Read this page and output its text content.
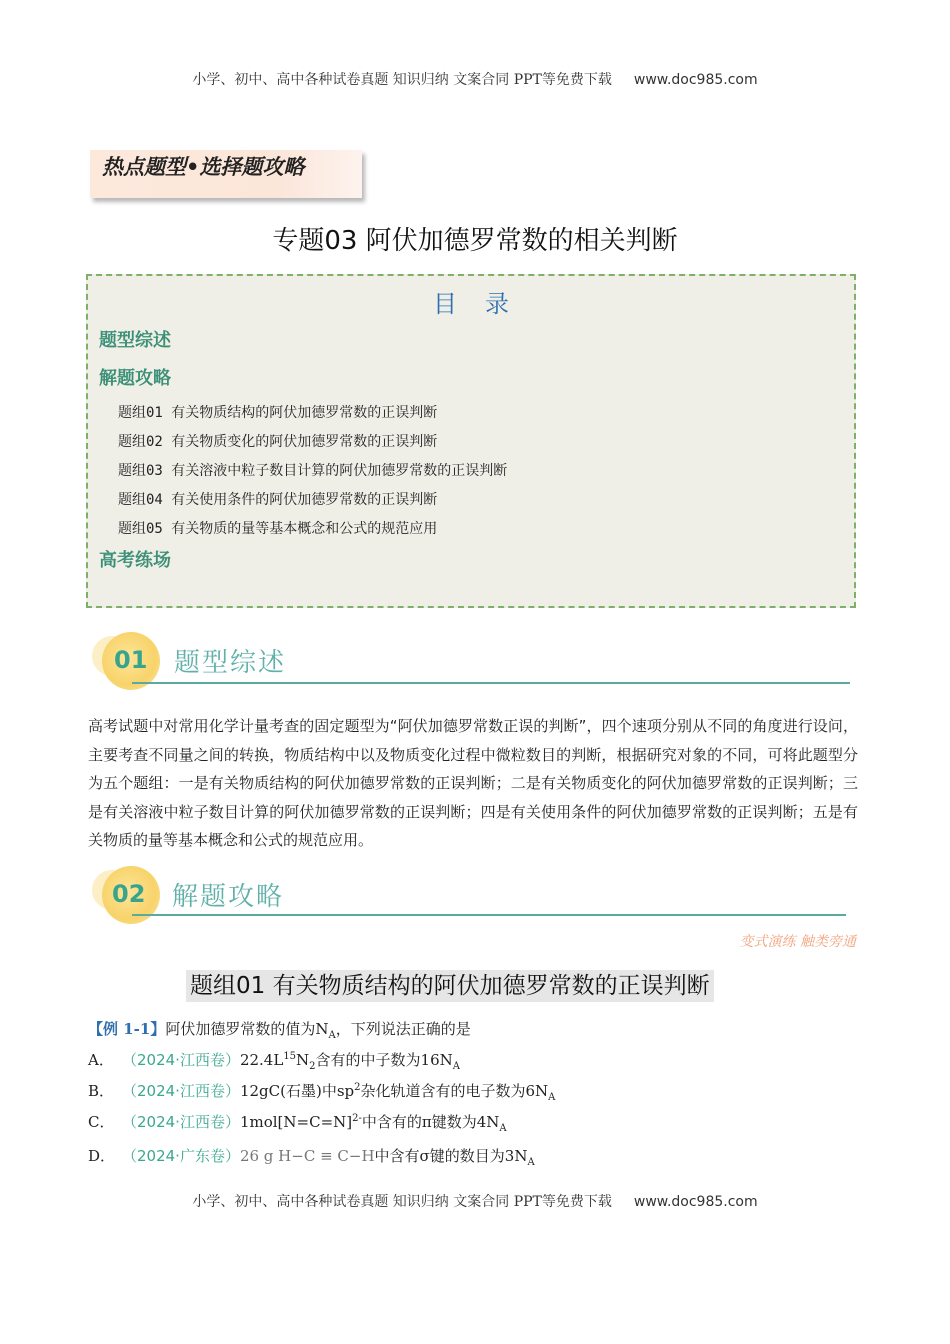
小学、初中、高中各种试卷真题 知识归纳 文案合同 PPT等免费下载 www.doc985.com
热点题型•选择题攻略
专题03 阿伏加德罗常数的相关判断
目录
题型综述
解题攻略
题组01 有关物质结构的阿伏加德罗常数的正误判断
题组02 有关物质变化的阿伏加德罗常数的正误判断
题组03 有关溶液中粒子数目计算的阿伏加德罗常数的正误判断
题组04 有关使用条件的阿伏加德罗常数的正误判断
题组05 有关物质的量等基本概念和公式的规范应用
高考练场
01 题型综述
高考试题中对常用化学计量考查的固定题型为“阿伏加德罗常数正误的判断”，四个速项分别从不同的角度进行设问，主要考查不同量之间的转换，物质结构中以及物质变化过程中微粒数目的判断，根据研究对象的不同，可将此题型分为五个题组：一是有关物质结构的阿伏加德罗常数的正误判断；二是有关物质变化的阿伏加德罗常数的正误判断；三是有关溶液中粒子数目计算的阿伏加德罗常数的正误判断；四是有关使用条件的阿伏加德罗常数的正误判断；五是有关物质的量等基本概念和公式的规范应用。
02 解题攻略
变式演练 触类旁通
题组01 有关物质结构的阿伏加德罗常数的正误判断
【例 1-1】阿伏加德罗常数的值为$N_A$，下列说法正确的是
A． （2024·江西卷）$22.4L^{15}N_2$含有的中子数为$16N_A$
B． （2024·江西卷）12gC(石墨)中$sp^2$杂化轨道含有的电子数为$6N_A$
C． （2024·江西卷）1mol[N=C=N]$^{2-}$中含有的π键数为$4N_A$
D． （2024·广东卷）26 g H−C ≡ C−H中含有σ键的数目为$3N_A$
小学、初中、高中各种试卷真题 知识归纳 文案合同 PPT等免费下载 www.doc985.com
